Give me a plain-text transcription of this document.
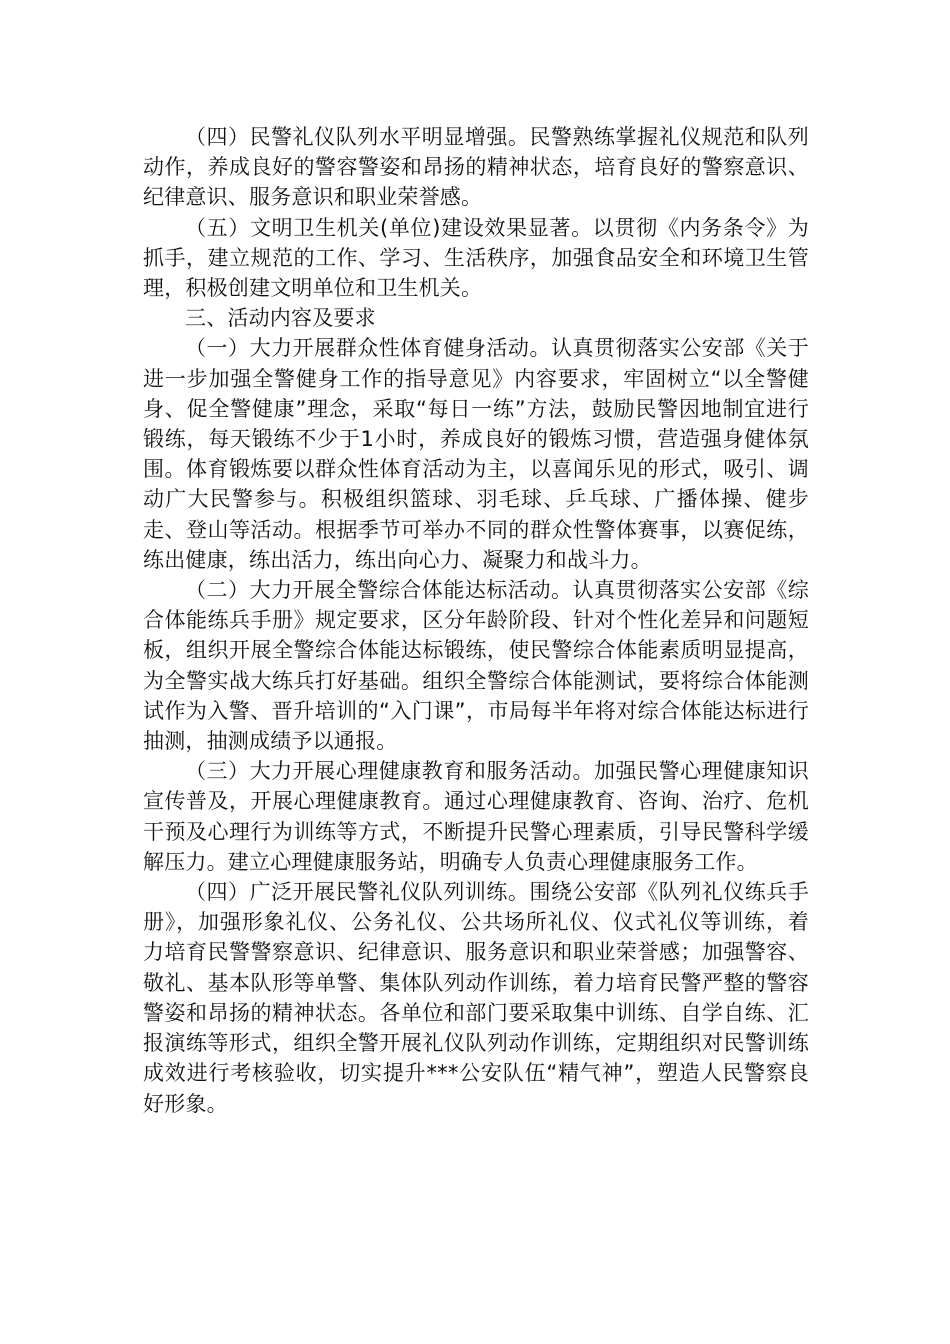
（四）民警礼仪队列水平明显增强。民警熟练掌握礼仪规范和队列动作，养成良好的警容警姿和昂扬的精神状态，培育良好的警察意识、纪律意识、服务意识和职业荣誉感。

（五）文明卫生机关(单位)建设效果显著。以贯彻《内务条令》为抓手，建立规范的工作、学习、生活秩序，加强食品安全和环境卫生管理，积极创建文明单位和卫生机关。

三、活动内容及要求

（一）大力开展群众性体育健身活动。认真贯彻落实公安部《关于进一步加强全警健身工作的指导意见》内容要求，牢固树立“以全警健身、促全警健康”理念，采取“每日一练”方法，鼓励民警因地制宜进行锻练，每天锻练不少于1小时，养成良好的锻炼习惯，营造强身健体氛围。体育锻炼要以群众性体育活动为主，以喜闻乐见的形式，吸引、调动广大民警参与。积极组织篮球、羽毛球、乒乓球、广播体操、健步走、登山等活动。根据季节可举办不同的群众性警体赛事，以赛促练，练出健康，练出活力，练出向心力、凝聚力和战斗力。

（二）大力开展全警综合体能达标活动。认真贯彻落实公安部《综合体能练兵手册》规定要求，区分年龄阶段、针对个性化差异和问题短板，组织开展全警综合体能达标锻练，使民警综合体能素质明显提高，为全警实战大练兵打好基础。组织全警综合体能测试，要将综合体能测试作为入警、晋升培训的“入门课”，市局每半年将对综合体能达标进行抽测，抽测成绩予以通报。

（三）大力开展心理健康教育和服务活动。加强民警心理健康知识宣传普及，开展心理健康教育。通过心理健康教育、咨询、治疗、危机干预及心理行为训练等方式，不断提升民警心理素质，引导民警科学缓解压力。建立心理健康服务站，明确专人负责心理健康服务工作。

（四）广泛开展民警礼仪队列训练。围绕公安部《队列礼仪练兵手册》，加强形象礼仪、公务礼仪、公共场所礼仪、仪式礼仪等训练，着力培育民警警察意识、纪律意识、服务意识和职业荣誉感；加强警容、敬礼、基本队形等单警、集体队列动作训练，着力培育民警严整的警容警姿和昂扬的精神状态。各单位和部门要采取集中训练、自学自练、汇报演练等形式，组织全警开展礼仪队列动作训练，定期组织对民警训练成效进行考核验收，切实提升***公安队伍“精气神”，塑造人民警察良好形象。
